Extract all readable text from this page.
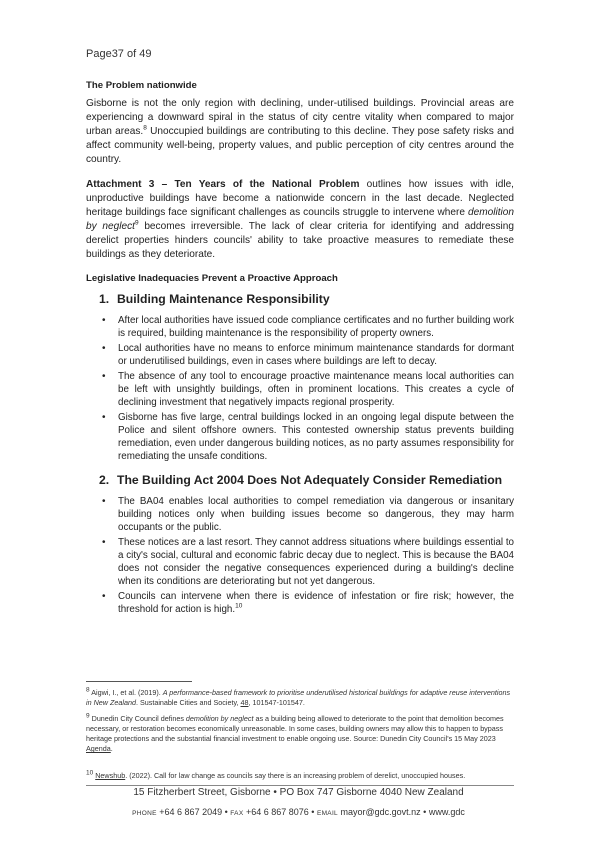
Page37 of 49
The Problem nationwide

Gisborne is not the only region with declining, under-utilised buildings. Provincial areas are experiencing a downward spiral in the status of city centre vitality when compared to major urban areas.$^8$ Unoccupied buildings are contributing to this decline. They pose safety risks and affect community well-being, property values, and public perception of city centres around the country.

Attachment 3 – Ten Years of the National Problem outlines how issues with idle, unproductive buildings have become a nationwide concern in the last decade. Neglected heritage buildings face significant challenges as councils struggle to intervene where demolition by neglect$^9$ becomes irreversible. The lack of clear criteria for identifying and addressing derelict properties hinders councils' ability to take proactive measures to remediate these buildings as they deteriorate.

Legislative Inadequacies Prevent a Proactive Approach
1. Building Maintenance Responsibility
• After local authorities have issued code compliance certificates and no further building work is required, building maintenance is the responsibility of property owners.
• Local authorities have no means to enforce minimum maintenance standards for dormant or underutilised buildings, even in cases where buildings are left to decay.
• The absence of any tool to encourage proactive maintenance means local authorities can be left with unsightly buildings, often in prominent locations. This creates a cycle of declining investment that negatively impacts regional prosperity.
• Gisborne has five large, central buildings locked in an ongoing legal dispute between the Police and silent offshore owners. This contested ownership status prevents building remediation, even under dangerous building notices, as no party assumes responsibility for remediating the unsafe conditions.
2. The Building Act 2004 Does Not Adequately Consider Remediation
• The BA04 enables local authorities to compel remediation via dangerous or insanitary building notices only when building issues become so dangerous, they may harm occupants or the public.
• These notices are a last resort. They cannot address situations where buildings essential to a city's social, cultural and economic fabric decay due to neglect. This is because the BA04 does not consider the negative consequences experienced during a building's decline when its conditions are deteriorating but not yet dangerous.
• Councils can intervene when there is evidence of infestation or fire risk; however, the threshold for action is high.$^{10}$
$^8$ Aigwi, I., et al. (2019). A performance-based framework to prioritise underutilised historical buildings for adaptive reuse interventions in New Zealand. Sustainable Cities and Society, 48, 101547-101547.
$^9$ Dunedin City Council defines demolition by neglect as a building being allowed to deteriorate to the point that demolition becomes necessary, or restoration becomes economically unreasonable. In some cases, building owners may allow this to happen to bypass heritage protections and the substantial financial investment to enable ongoing use. Source: Dunedin City Council's 15 May 2023 Agenda.
$^{10}$ Newshub. (2022). Call for law change as councils say there is an increasing problem of derelict, unoccupied houses.
15 Fitzherbert Street, Gisborne • PO Box 747 Gisborne 4040 New Zealand
PHONE +64 6 867 2049 • FAX +64 6 867 8076 • EMAIL mayor@gdc.govt.nz • www.gdc
